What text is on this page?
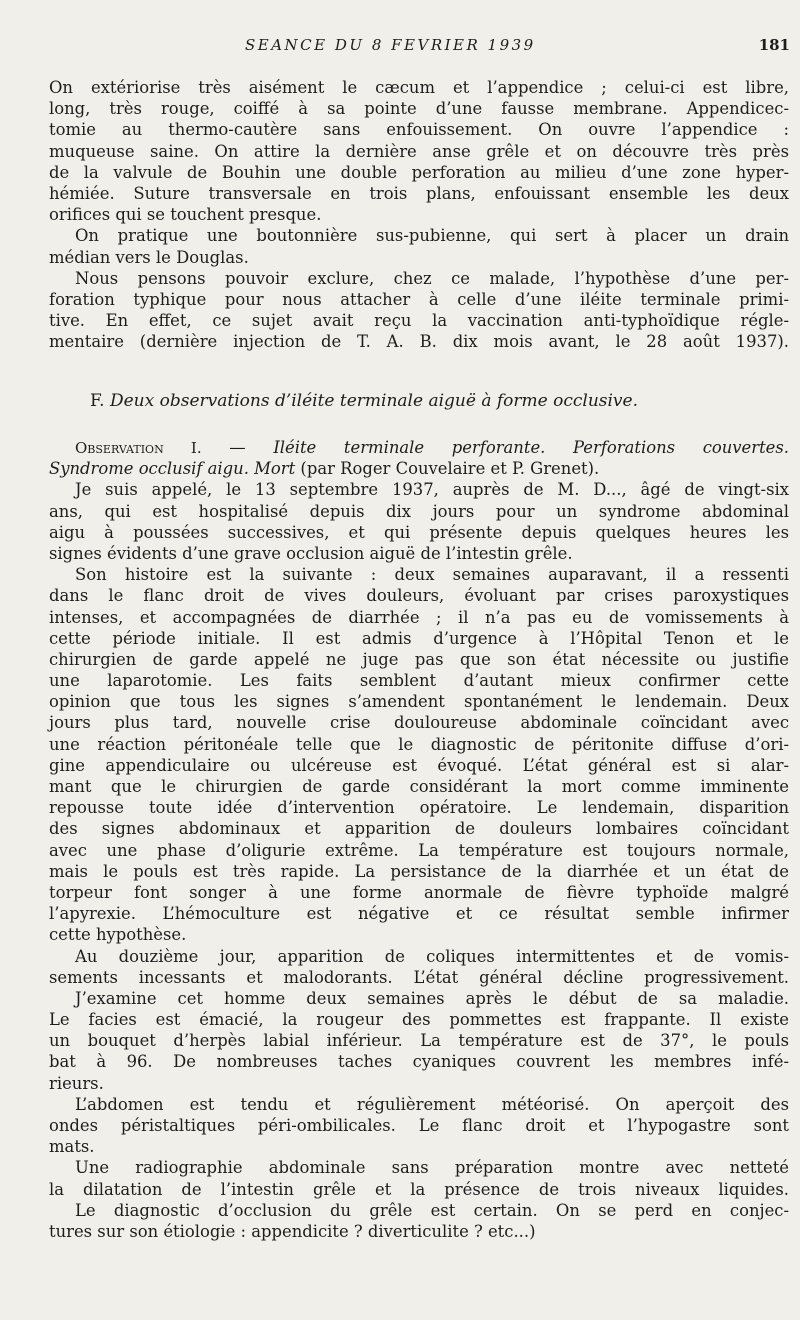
SEANCE DU 8 FEVRIER 1939	181
On extériorise très aisément le cæcum et l’appendice ; celui-ci est libre,
long, très rouge, coiffé à sa pointe d’une fausse membrane. Appendicec-
tomie au thermo-cautère sans enfouissement. On ouvre l’appendice :
muqueuse saine. On attire la dernière anse grêle et on découvre très près
de la valvule de Bouhin une double perforation au milieu d’une zone hyper-
hémiée. Suture transversale en trois plans, enfouissant ensemble les deux
orifices qui se touchent presque.
On pratique une boutonnière sus-pubienne, qui sert à placer un drain
médian vers le Douglas.
Nous pensons pouvoir exclure, chez ce malade, l’hypothèse d’une per-
foration typhique pour nous attacher à celle d’une iléite terminale primi-
tive. En effet, ce sujet avait reçu la vaccination anti-typhoïdique régle-
mentaire (dernière injection de T. A. B. dix mois avant, le 28 août 1937).
F. Deux observations d’iléite terminale aiguë à forme occlusive.
Observation I. — Iléite terminale perforante. Perforations couvertes.
Syndrome occlusif aigu. Mort (par Roger Couvelaire et P. Grenet).
Je suis appelé, le 13 septembre 1937, auprès de M. D..., âgé de vingt-six
ans, qui est hospitalisé depuis dix jours pour un syndrome abdominal
aigu à poussées successives, et qui présente depuis quelques heures les
signes évidents d’une grave occlusion aiguë de l’intestin grêle.
Son histoire est la suivante : deux semaines auparavant, il a ressenti
dans le flanc droit de vives douleurs, évoluant par crises paroxystiques
intenses, et accompagnées de diarrhée ; il n’a pas eu de vomissements à
cette période initiale. Il est admis d’urgence à l’Hôpital Tenon et le
chirurgien de garde appelé ne juge pas que son état nécessite ou justifie
une laparotomie. Les faits semblent d’autant mieux confirmer cette
opinion que tous les signes s’amendent spontanément le lendemain. Deux
jours plus tard, nouvelle crise douloureuse abdominale coïncidant avec
une réaction péritonéale telle que le diagnostic de péritonite diffuse d’ori-
gine appendiculaire ou ulcéreuse est évoqué. L’état général est si alar-
mant que le chirurgien de garde considérant la mort comme imminente
repousse toute idée d’intervention opératoire. Le lendemain, disparition
des signes abdominaux et apparition de douleurs lombaires coïncidant
avec une phase d’oligurie extrême. La température est toujours normale,
mais le pouls est très rapide. La persistance de la diarrhée et un état de
torpeur font songer à une forme anormale de fièvre typhoïde malgré
l’apyrexie. L’hémoculture est négative et ce résultat semble infirmer
cette hypothèse.
Au douzième jour, apparition de coliques intermittentes et de vomis-
sements incessants et malodorants. L’état général décline progressivement.
J’examine cet homme deux semaines après le début de sa maladie.
Le facies est émacié, la rougeur des pommettes est frappante. Il existe
un bouquet d’herpès labial inférieur. La température est de 37°, le pouls
bat à 96. De nombreuses taches cyaniques couvrent les membres infé-
rieurs.
L’abdomen est tendu et régulièrement météorisé. On aperçoit des
ondes péristaltiques péri-ombilicales. Le flanc droit et l’hypogastre sont
mats.
Une radiographie abdominale sans préparation montre avec netteté
la dilatation de l’intestin grêle et la présence de trois niveaux liquides.
Le diagnostic d’occlusion du grêle est certain. On se perd en conjec-
tures sur son étiologie : appendicite ? diverticulite ? etc...)
